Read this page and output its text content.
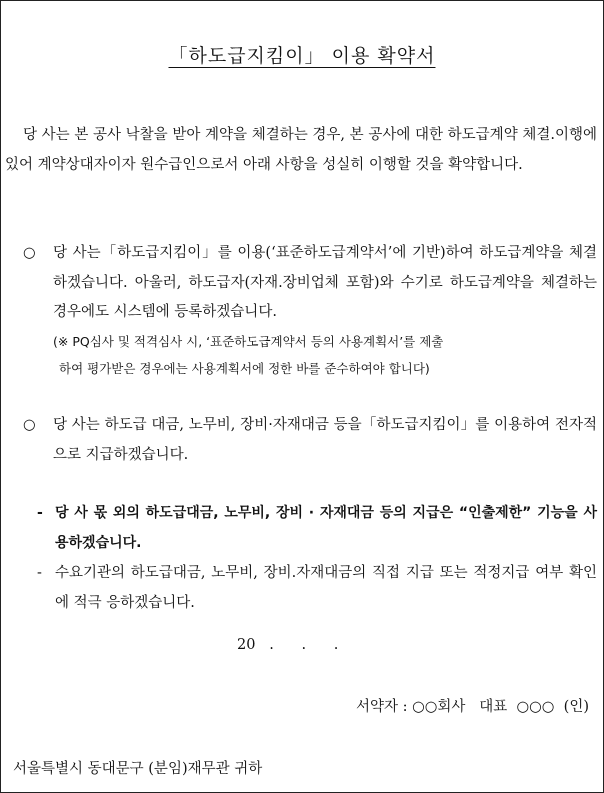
「하도급지킴이」 이용 확약서

당 사는 본 공사 낙찰을 받아 계약을 체결하는 경우, 본 공사에 대한 하도급계약 체결.이행에 있어 계약상대자이자 원수급인으로서 아래 사항을 성실히 이행할 것을 확약합니다.

○ 당 사는「하도급지킴이」를 이용(‘표준하도급계약서’에 기반)하여 하도급계약을 체결하겠습니다. 아울러, 하도급자(자재.장비업체 포함)와 수기로 하도급계약을 체결하는 경우에도 시스템에 등록하겠습니다.
(※ PQ심사 및 적격심사 시, ‘표준하도급계약서 등의 사용계획서’를 제출
하여 평가받은 경우에는 사용계획서에 정한 바를 준수하여야 합니다)
○ 당 사는 하도급 대금, 노무비, 장비·자재대금 등을「하도급지킴이」를 이용하여 전자적으로 지급하겠습니다.
- 당 사 몫 외의 하도급대금, 노무비, 장비 · 자재대금 등의 지급은 “인출제한” 기능을 사용하겠습니다.
- 수요기관의 하도급대금, 노무비, 장비.자재대금의 직접 지급 또는 적정지급 여부 확인에 적극 응하겠습니다.
20   .      .      .
서약자 : ○○회사   대표  ○○○  (인)
서울특별시 동대문구 (분임)재무관 귀하
